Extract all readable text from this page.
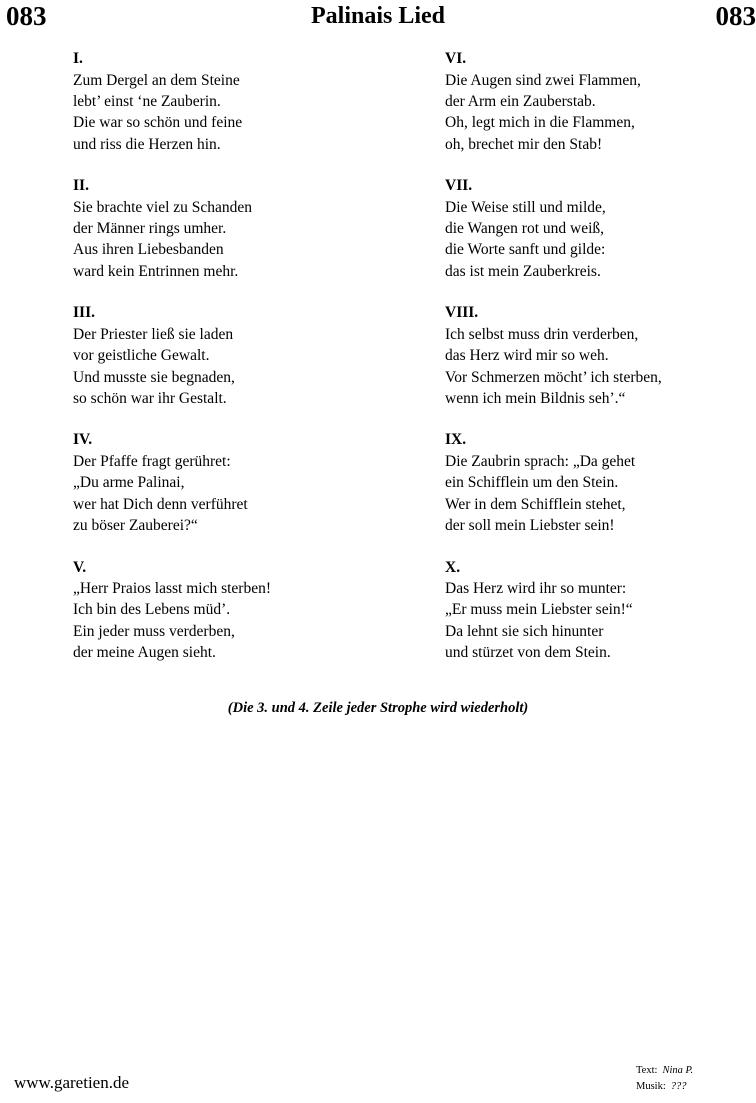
083	Palinais Lied	083
I.
Zum Dergel an dem Steine
lebt’ einst ‘ne Zauberin.
Die war so schön und feine
und riss die Herzen hin.
II.
Sie brachte viel zu Schanden
der Männer rings umher.
Aus ihren Liebesbanden
ward kein Entrinnen mehr.
III.
Der Priester ließ sie laden
vor geistliche Gewalt.
Und musste sie begnaden,
so schön war ihr Gestalt.
IV.
Der Pfaffe fragt gerühret:
„Du arme Palinai,
wer hat Dich denn verführet
zu böser Zauberei?“
V.
„Herr Praios lasst mich sterben!
Ich bin des Lebens müd’.
Ein jeder muss verderben,
der meine Augen sieht.
VI.
Die Augen sind zwei Flammen,
der Arm ein Zauberstab.
Oh, legt mich in die Flammen,
oh, brechet mir den Stab!
VII.
Die Weise still und milde,
die Wangen rot und weiß,
die Worte sanft und gilde:
das ist mein Zauberkreis.
VIII.
Ich selbst muss drin verderben,
das Herz wird mir so weh.
Vor Schmerzen möcht’ ich sterben,
wenn ich mein Bildnis seh’.“
IX.
Die Zaubrin sprach: „Da gehet
ein Schifflein um den Stein.
Wer in dem Schifflein stehet,
der soll mein Liebster sein!
X.
Das Herz wird ihr so munter:
„Er muss mein Liebster sein!“
Da lehnt sie sich hinunter
und stürzet von dem Stein.
(Die 3. und 4. Zeile jeder Strophe wird wiederholt)
www.garetien.de
Text: Nina P.
Musik: ???
